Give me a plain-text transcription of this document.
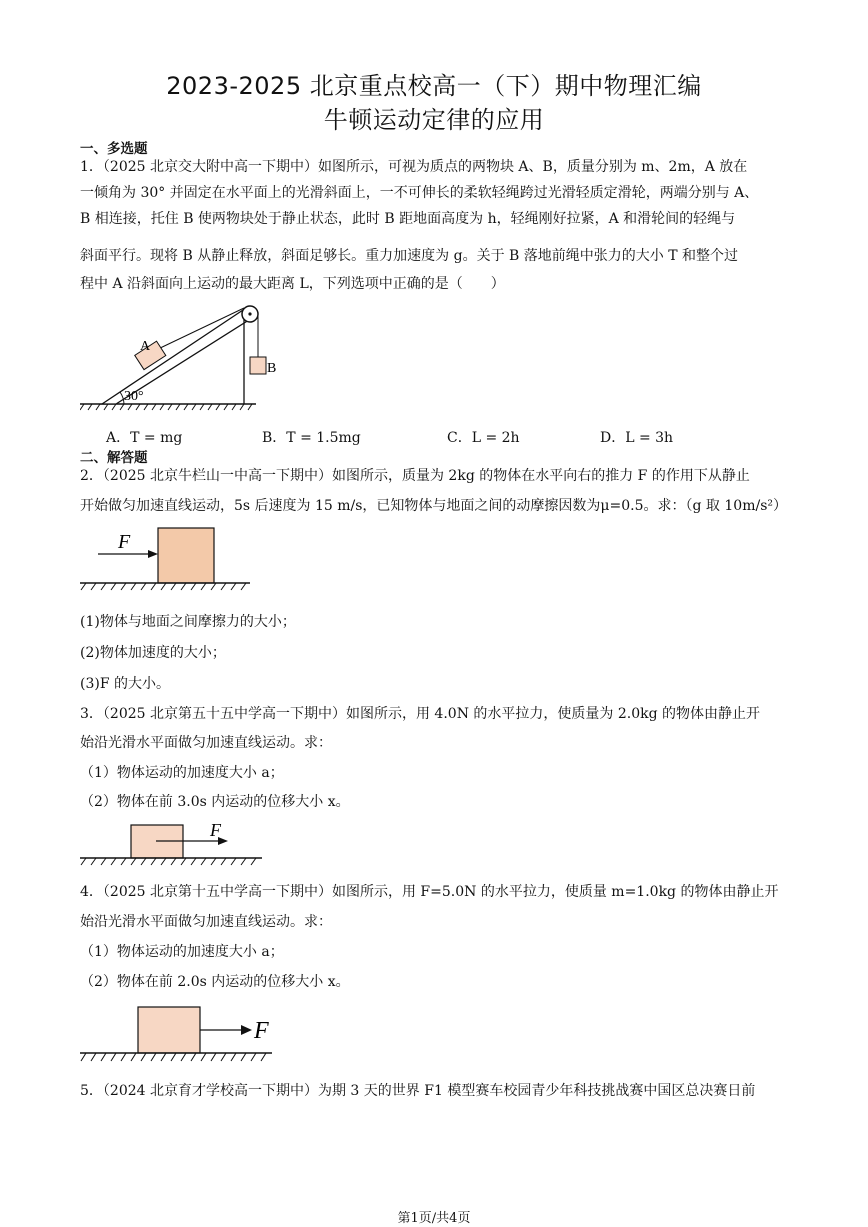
2023-2025 北京重点校高一（下）期中物理汇编
牛顿运动定律的应用
一、多选题
1．（2025 北京交大附中高一下期中）如图所示，可视为质点的两物块 A、B，质量分别为 m、2m，A 放在
一倾角为 30° 并固定在水平面上的光滑斜面上，一不可伸长的柔软轻绳跨过光滑轻质定滑轮，两端分别与 A、
B 相连接，托住 B 使两物块处于静止状态，此时 B 距地面高度为 h，轻绳刚好拉紧，A 和滑轮间的轻绳与
斜面平行。现将 B 从静止释放，斜面足够长。重力加速度为 g。关于 B 落地前绳中张力的大小 T 和整个过
程中 A 沿斜面向上运动的最大距离 L，下列选项中正确的是（　　）
A
B
30°
A．T = mg	B．T = 1.5mg	C．L = 2h	D．L = 3h
二、解答题
2．（2025 北京牛栏山一中高一下期中）如图所示，质量为 2kg 的物体在水平向右的推力 F 的作用下从静止
开始做匀加速直线运动，5s 后速度为 15 m/s，已知物体与地面之间的动摩擦因数为μ=0.5。求：（g 取 10m/s²）
F
(1)物体与地面之间摩擦力的大小；
(2)物体加速度的大小；
(3)F 的大小。
3．（2025 北京第五十五中学高一下期中）如图所示，用 4.0N 的水平拉力，使质量为 2.0kg 的物体由静止开
始沿光滑水平面做匀加速直线运动。求：
（1）物体运动的加速度大小 a；
（2）物体在前 3.0s 内运动的位移大小 x。
F
4．（2025 北京第十五中学高一下期中）如图所示，用 F=5.0N 的水平拉力，使质量 m=1.0kg 的物体由静止开
始沿光滑水平面做匀加速直线运动。求：
（1）物体运动的加速度大小 a；
（2）物体在前 2.0s 内运动的位移大小 x。
F
5．（2024 北京育才学校高一下期中）为期 3 天的世界 F1 模型赛车校园青少年科技挑战赛中国区总决赛日前
第1页/共4页
